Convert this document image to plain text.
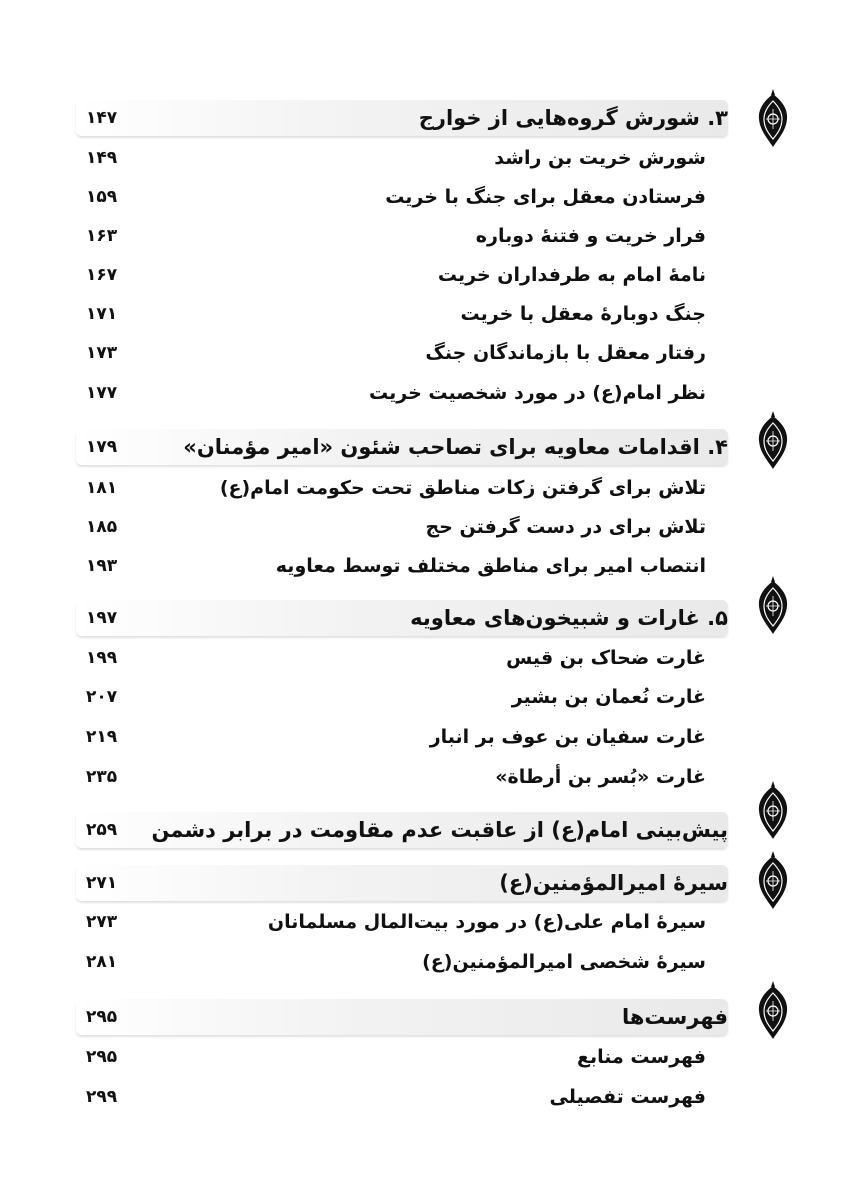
۳. شورش گروه‌هایی از خوارج
۱۴۷
شورش خریت بن راشد
۱۴۹
فرستادن معقل برای جنگ با خریت
۱۵۹
فرار خریت و فتنهٔ دوباره
۱۶۳
نامهٔ امام به طرفداران خریت
۱۶۷
جنگ دوبارهٔ معقل با خریت
۱۷۱
رفتار معقل با بازماندگان جنگ
۱۷۳
نظر امام(ع) در مورد شخصیت خریت
۱۷۷
۴. اقدامات معاویه برای تصاحب شئون «امیر مؤمنان»
۱۷۹
تلاش برای گرفتن زکات مناطق تحت حکومت امام(ع)
۱۸۱
تلاش برای در دست گرفتن حج
۱۸۵
انتصاب امیر برای مناطق مختلف توسط معاویه
۱۹۳
۵. غارات و شبیخون‌های معاویه
۱۹۷
غارت ضحاک بن قیس
۱۹۹
غارت نُعمان بن بشیر
۲۰۷
غارت سفیان بن عوف بر انبار
۲۱۹
غارت «بُسر بن أرطاة»
۲۳۵
پیش‌بینی امام(ع) از عاقبت عدم مقاومت در برابر دشمن
۲۵۹
سیرهٔ امیرالمؤمنین(ع)
۲۷۱
سیرهٔ امام علی(ع) در مورد بیت‌المال مسلمانان
۲۷۳
سیرهٔ شخصی امیرالمؤمنین(ع)
۲۸۱
فهرست‌ها
۲۹۵
فهرست منابع
۲۹۵
فهرست تفصیلی
۲۹۹
